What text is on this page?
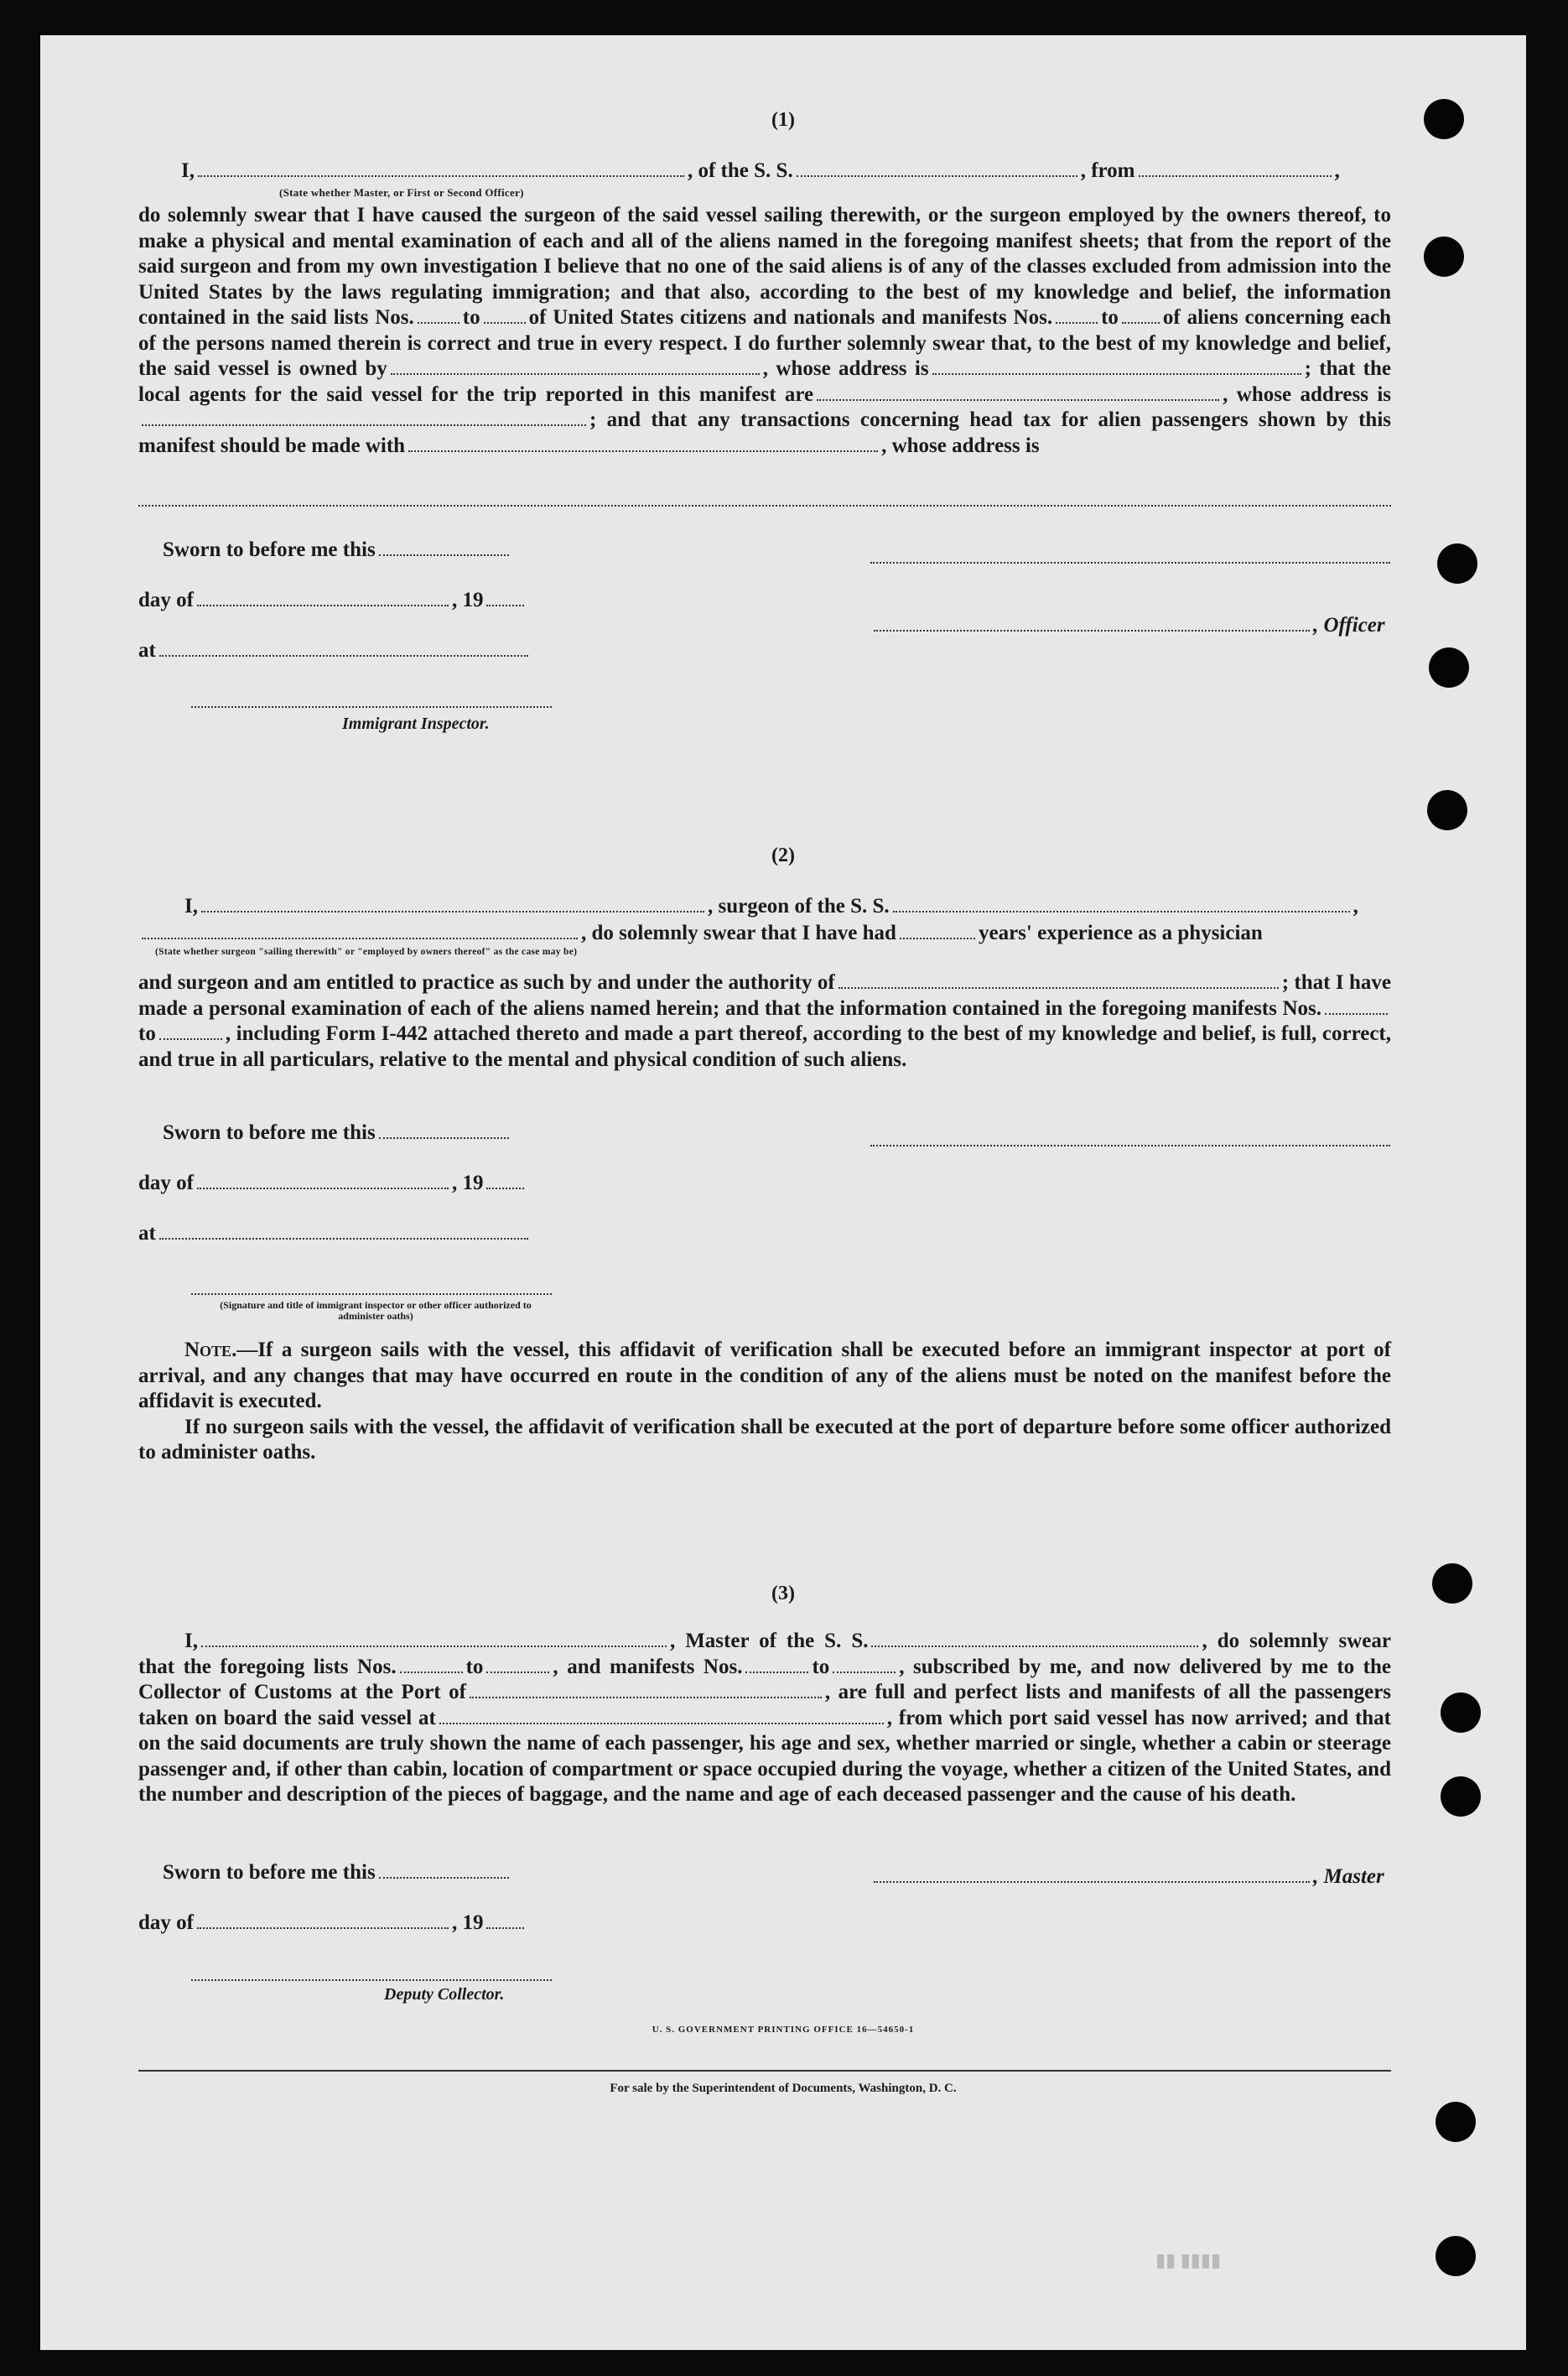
(1)
I,	, of the S. S.	, from	,
(State whether Master, or First or Second Officer)

do solemnly swear that I have caused the surgeon of the said vessel sailing therewith, or the surgeon employed by the owners thereof, to make a physical and mental examination of each and all of the aliens named in the foregoing manifest sheets; that from the report of the said surgeon and from my own investigation I believe that no one of the said aliens is of any of the classes excluded from admission into the United States by the laws regulating immigration; and that also, according to the best of my knowledge and belief, the information contained in the said lists Nos. to of United States citizens and nationals and manifests Nos. to of aliens concerning each of the persons named therein is correct and true in every respect. I do further solemnly swear that, to the best of my knowledge and belief, the said vessel is owned by	, whose address is	; that the local agents for the said vessel for the trip reported in this manifest are	, whose address is; and that any transactions concerning head tax for alien passengers shown by this manifest should be made with	, whose address is

Sworn to before me this
day of	, 19
, Officer
at
Immigrant Inspector.
(2)
I,	, surgeon of the S. S.	,
, do solemnly swear that I have had	years' experience as a physician
(State whether surgeon "sailing therewith" or "employed by owners thereof" as the case may be)

and surgeon and am entitled to practice as such by and under the authority of	; that I have made a personal examination of each of the aliens named herein; and that the information contained in the foregoing manifests Nos.to	, including Form I-442 attached thereto and made a part thereof, according to the best of my knowledge and belief, is full, correct, and true in all particulars, relative to the mental and physical condition of such aliens.

Sworn to before me this
day of	, 19
at
(Signature and title of immigrant inspector or other officer authorized to administer oaths)

Note.—If a surgeon sails with the vessel, this affidavit of verification shall be executed before an immigrant inspector at port of arrival, and any changes that may have occurred en route in the condition of any of the aliens must be noted on the manifest before the affidavit is executed.

If no surgeon sails with the vessel, the affidavit of verification shall be executed at the port of departure before some officer authorized to administer oaths.

(3)

I,	, Master of the S. S.	, do solemnly swear that the foregoing lists Nos.	to	, and manifests Nos.	to	, subscribed by me, and now delivered by me to the Collector of Customs at the Port of	, are full and perfect lists and manifests of all the passengers taken on board the said vessel at	, from which port said vessel has now arrived; and that on the said documents are truly shown the name of each passenger, his age and sex, whether married or single, whether a cabin or steerage passenger and, if other than cabin, location of compartment or space occupied during the voyage, whether a citizen of the United States, and the number and description of the pieces of baggage, and the name and age of each deceased passenger and the cause of his death.

Sworn to before me this	, Master
day of	, 19
Deputy Collector.
U. S. GOVERNMENT PRINTING OFFICE 16—54650-1
For sale by the Superintendent of Documents, Washington, D. C.
▮▮▮▮ ▮▮
